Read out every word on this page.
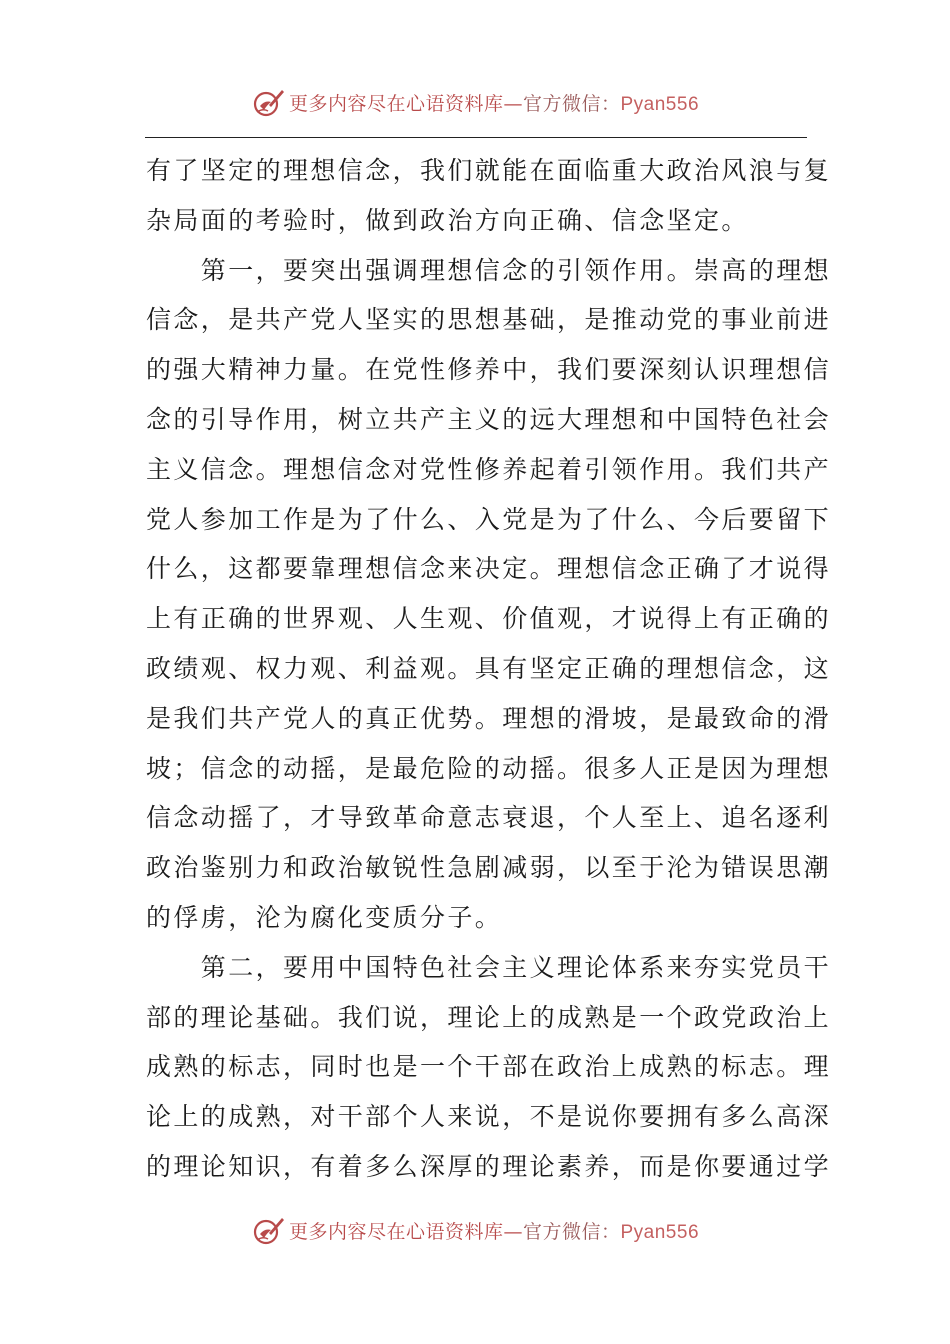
更多内容尽在心语资料库—官方微信：Pyan556
有了坚定的理想信念，我们就能在面临重大政治风浪与复
杂局面的考验时，做到政治方向正确、信念坚定。
　　第一，要突出强调理想信念的引领作用。崇高的理想
信念，是共产党人坚实的思想基础，是推动党的事业前进
的强大精神力量。在党性修养中，我们要深刻认识理想信
念的引导作用，树立共产主义的远大理想和中国特色社会
主义信念。理想信念对党性修养起着引领作用。我们共产
党人参加工作是为了什么、入党是为了什么、今后要留下
什么，这都要靠理想信念来决定。理想信念正确了才说得
上有正确的世界观、人生观、价值观，才说得上有正确的
政绩观、权力观、利益观。具有坚定正确的理想信念，这
是我们共产党人的真正优势。理想的滑坡，是最致命的滑
坡；信念的动摇，是最危险的动摇。很多人正是因为理想
信念动摇了，才导致革命意志衰退，个人至上、追名逐利
政治鉴别力和政治敏锐性急剧减弱，以至于沦为错误思潮
的俘虏，沦为腐化变质分子。
　　第二，要用中国特色社会主义理论体系来夯实党员干
部的理论基础。我们说，理论上的成熟是一个政党政治上
成熟的标志，同时也是一个干部在政治上成熟的标志。理
论上的成熟，对干部个人来说，不是说你要拥有多么高深
的理论知识，有着多么深厚的理论素养，而是你要通过学
更多内容尽在心语资料库—官方微信：Pyan556
